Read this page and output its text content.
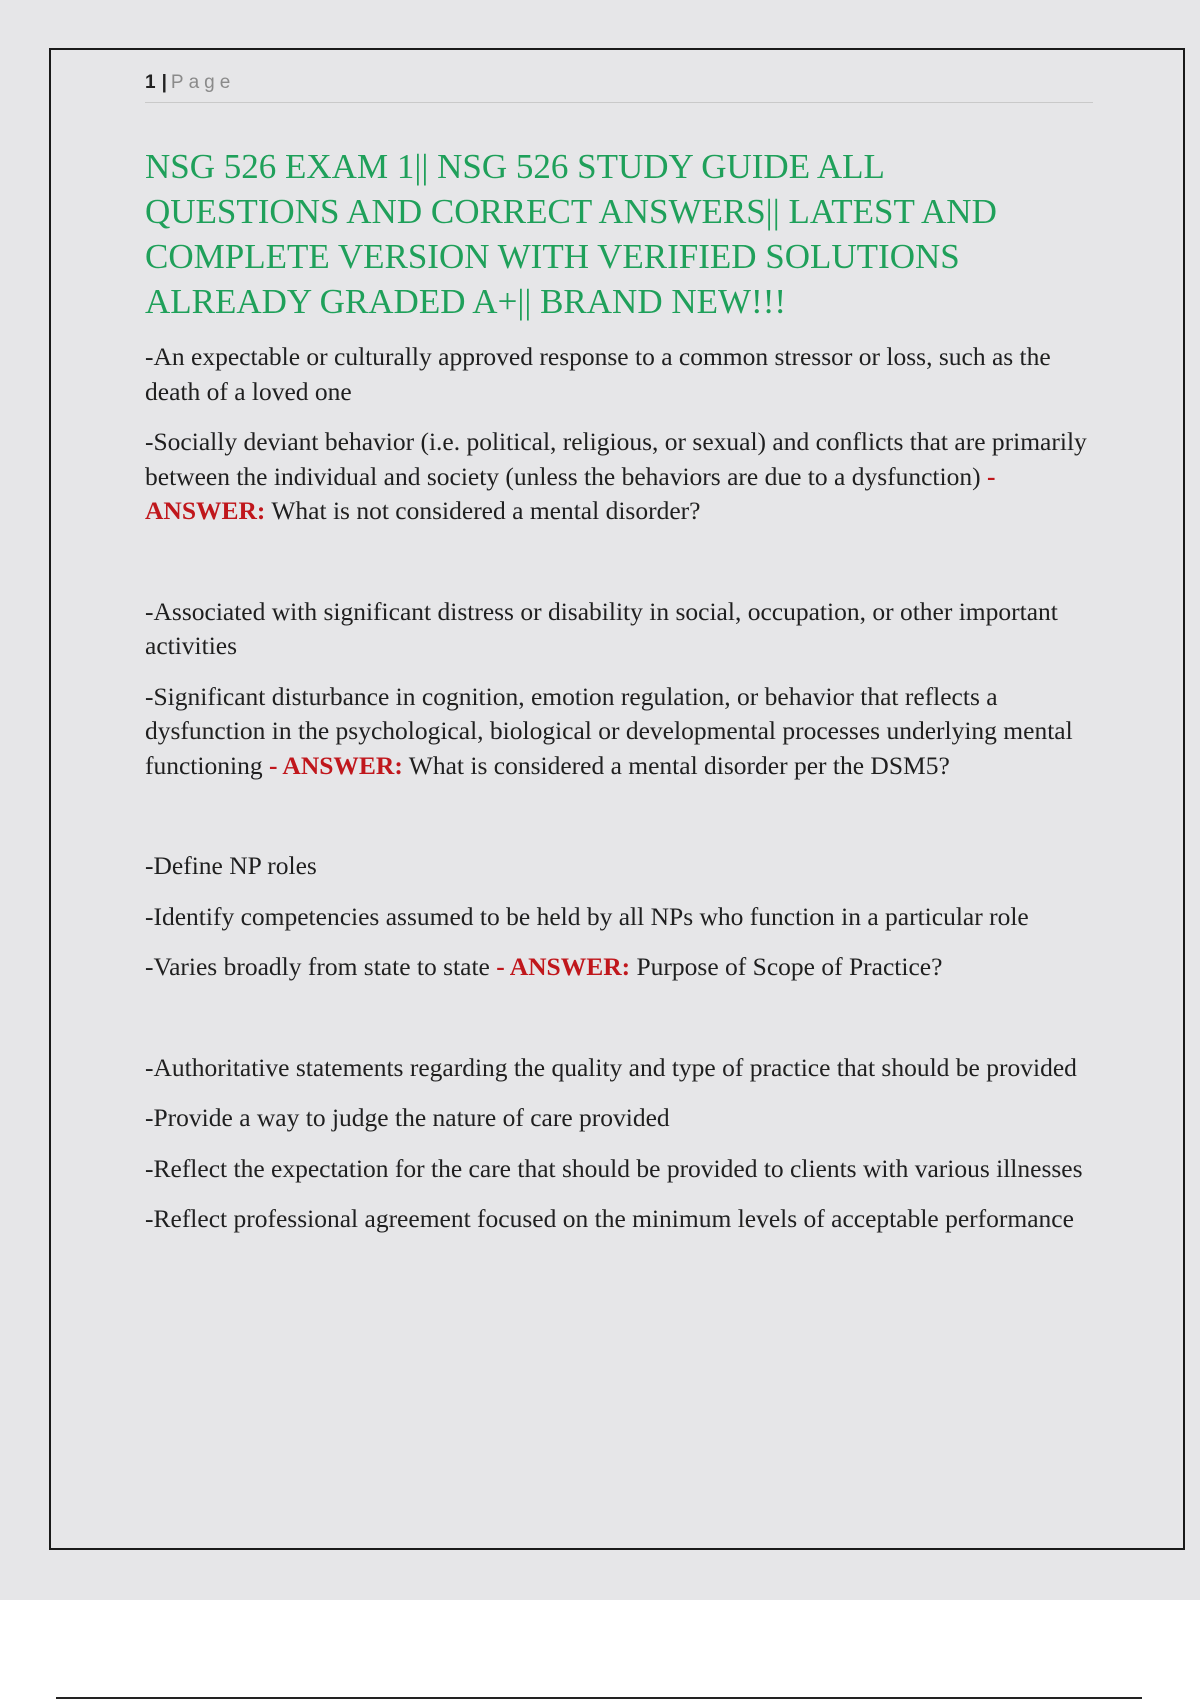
1 | Page
NSG 526 EXAM 1|| NSG 526 STUDY GUIDE ALL QUESTIONS AND CORRECT ANSWERS|| LATEST AND COMPLETE VERSION WITH VERIFIED SOLUTIONS ALREADY GRADED A+|| BRAND NEW!!!

-An expectable or culturally approved response to a common stressor or loss, such as the death of a loved one

-Socially deviant behavior (i.e. political, religious, or sexual) and conflicts that are primarily between the individual and society (unless the behaviors are due to a dysfunction) - ANSWER: What is not considered a mental disorder?

-Associated with significant distress or disability in social, occupation, or other important activities

-Significant disturbance in cognition, emotion regulation, or behavior that reflects a dysfunction in the psychological, biological or developmental processes underlying mental functioning - ANSWER: What is considered a mental disorder per the DSM5?

-Define NP roles

-Identify competencies assumed to be held by all NPs who function in a particular role

-Varies broadly from state to state - ANSWER: Purpose of Scope of Practice?

-Authoritative statements regarding the quality and type of practice that should be provided

-Provide a way to judge the nature of care provided

-Reflect the expectation for the care that should be provided to clients with various illnesses

-Reflect professional agreement focused on the minimum levels of acceptable performance
